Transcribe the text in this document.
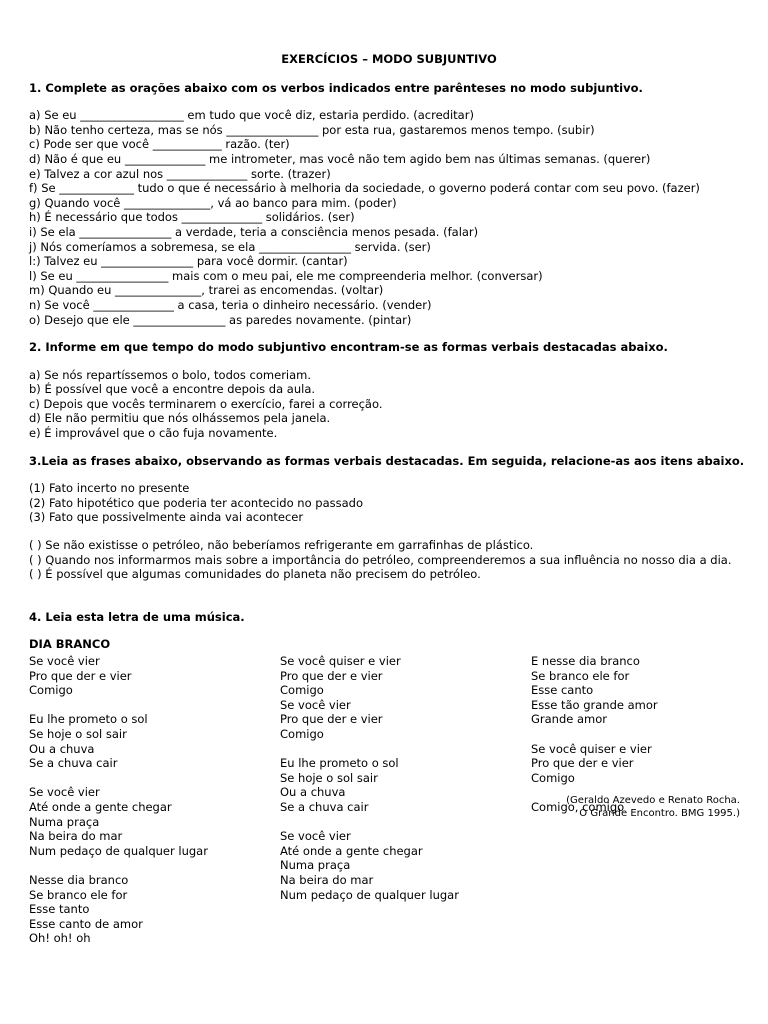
EXERCÍCIOS – MODO SUBJUNTIVO
1. Complete as orações abaixo com os verbos indicados entre parênteses no modo subjuntivo.
a) Se eu __________________ em tudo que você diz, estaria perdido. (acreditar)
b) Não tenho certeza, mas se nós ________________ por esta rua, gastaremos menos tempo. (subir)
c) Pode ser que você ____________ razão. (ter)
d) Não é que eu ______________ me intrometer, mas você não tem agido bem nas últimas semanas. (querer)
e) Talvez a cor azul nos ______________ sorte. (trazer)
f) Se _____________ tudo o que é necessário à melhoria da sociedade, o governo poderá contar com seu povo. (fazer)
g) Quando você _______________, vá ao banco para mim. (poder)
h) É necessário que todos ______________ solidários. (ser)
i) Se ela ________________ a verdade, teria a consciência menos pesada. (falar)
j) Nós comeríamos a sobremesa, se ela ________________ servida. (ser)
l:) Talvez eu ________________ para você dormir. (cantar)
l) Se eu ________________ mais com o meu pai, ele me compreenderia melhor. (conversar)
m) Quando eu _______________, trarei as encomendas. (voltar)
n) Se você ______________ a casa, teria o dinheiro necessário. (vender)
o) Desejo que ele ________________ as paredes novamente. (pintar)
2. Informe em que tempo do modo subjuntivo encontram-se as formas verbais destacadas abaixo.
a) Se nós repartíssemos o bolo, todos comeriam.
b) É possível que você a encontre depois da aula.
c) Depois que vocês terminarem o exercício, farei a correção.
d) Ele não permitiu que nós olhássemos pela janela.
e) É improvável que o cão fuja novamente.
3.Leia as frases abaixo, observando as formas verbais destacadas. Em seguida, relacione-as aos itens abaixo.
(1) Fato incerto no presente
(2) Fato hipotético que poderia ter acontecido no passado
(3) Fato que possivelmente ainda vai acontecer
( ) Se não existisse o petróleo, não beberíamos refrigerante em garrafinhas de plástico.
( ) Quando nos informarmos mais sobre a importância do petróleo, compreenderemos a sua influência no nosso dia a dia.
( ) É possível que algumas comunidades do planeta não precisem do petróleo.
4. Leia esta letra de uma música.
DIA BRANCO
Se você vier
Pro que der e vier
Comigo
Eu lhe prometo o sol
Se hoje o sol sair
Ou a chuva
Se a chuva cair
Se você vier
Até onde a gente chegar
Numa praça
Na beira do mar
Num pedaço de qualquer lugar
Nesse dia branco
Se branco ele for
Esse tanto
Esse canto de amor
Oh! oh! oh
Se você quiser e vier
Pro que der e vier
Comigo
Se você vier
Pro que der e vier
Comigo
Eu lhe prometo o sol
Se hoje o sol sair
Ou a chuva
Se a chuva cair
Se você vier
Até onde a gente chegar
Numa praça
Na beira do mar
Num pedaço de qualquer lugar
E nesse dia branco
Se branco ele for
Esse canto
Esse tão grande amor
Grande amor
Se você quiser e vier
Pro que der e vier
Comigo
Comigo, comigo
(Geraldo Azevedo e Renato Rocha.
O Grande Encontro. BMG 1995.)
